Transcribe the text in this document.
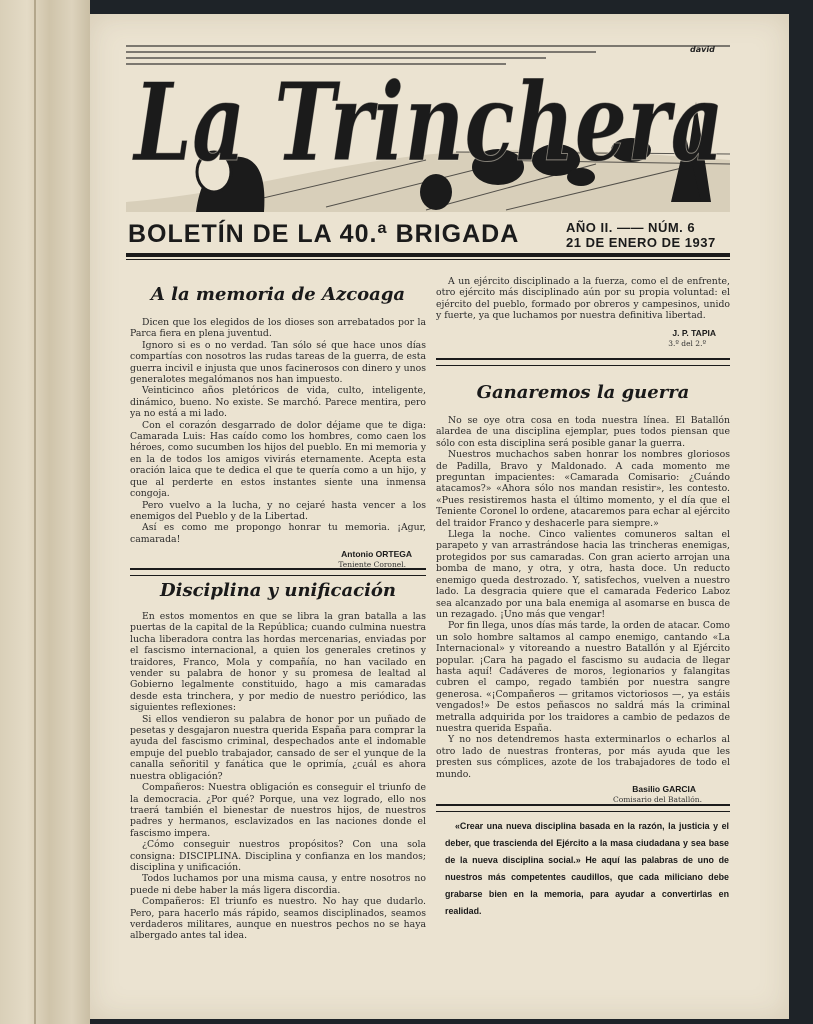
La Trinchera
La Trinchera
david
BOLETÍN DE LA 40.ª BRIGADA	AÑO II. —— NÚM. 6
21 DE ENERO DE 1937
A la memoria de Azcoaga

Dicen que los elegidos de los dioses son arrebatados por la Parca fiera en plena juventud.

Ignoro si es o no verdad. Tan sólo sé que hace unos días compartías con nosotros las rudas tareas de la guerra, de esta guerra incivil e injusta que unos facinerosos con dinero y unos generalotes megalómanos nos han impuesto.

Veinticinco años pletóricos de vida, culto, inteligente, dinámico, bueno. No existe. Se marchó. Parece mentira, pero ya no está a mi lado.

Con el corazón desgarrado de dolor déjame que te diga: Camarada Luis: Has caído como los hombres, como caen los héroes, como sucumben los hijos del pueblo. En mi memoria y en la de todos los amigos vivirás eternamente. Acepta esta oración laica que te dedica el que te quería como a un hijo, y que al perderte en estos instantes siente una inmensa congoja.

Pero vuelvo a la lucha, y no cejaré hasta vencer a los enemigos del Pueblo y de la Libertad.

Así es como me propongo honrar tu memoria. ¡Agur, camarada!

Antonio ORTEGA
Teniente Coronel.
Disciplina y unificación

En estos momentos en que se libra la gran batalla a las puertas de la capital de la República; cuando culmina nuestra lucha liberadora contra las hordas mercenarias, enviadas por el fascismo internacional, a quien los generales cretinos y traidores, Franco, Mola y compañía, no han vacilado en vender su palabra de honor y su promesa de lealtad al Gobierno legalmente constituido, hago a mis camaradas desde esta trinchera, y por medio de nuestro periódico, las siguientes reflexiones:

Si ellos vendieron su palabra de honor por un puñado de pesetas y desgajaron nuestra querida España para comprar la ayuda del fascismo criminal, despechados ante el indomable empuje del pueblo trabajador, cansado de ser el yunque de la canalla señoritil y fanática que le oprimía, ¿cuál es ahora nuestra obligación?

Compañeros: Nuestra obligación es conseguir el triunfo de la democracia. ¿Por qué? Porque, una vez logrado, ello nos traerá también el bienestar de nuestros hijos, de nuestros padres y hermanos, esclavizados en las naciones donde el fascismo impera.

¿Cómo conseguir nuestros propósitos? Con una sola consigna: DISCIPLINA. Disciplina y confianza en los mandos; disciplina y unificación.

Todos luchamos por una misma causa, y entre nosotros no puede ni debe haber la más ligera discordia.

Compañeros: El triunfo es nuestro. No hay que dudarlo. Pero, para hacerlo más rápido, seamos disciplinados, seamos verdaderos militares, aunque en nuestros pechos no se haya albergado antes tal idea.

A un ejército disciplinado a la fuerza, como el de enfrente, otro ejército más disciplinado aún por su propia voluntad: el ejército del pueblo, formado por obreros y campesinos, unido y fuerte, ya que luchamos por nuestra definitiva libertad.

J. P. TAPIA
3.º del 2.º
Ganaremos la guerra

No se oye otra cosa en toda nuestra línea. El Batallón alardea de una disciplina ejemplar, pues todos piensan que sólo con esta disciplina será posible ganar la guerra.

Nuestros muchachos saben honrar los nombres gloriosos de Padilla, Bravo y Maldonado. A cada momento me preguntan impacientes: «Camarada Comisario: ¿Cuándo atacamos?» «Ahora sólo nos mandan resistir», les contesto. «Pues resistiremos hasta el último momento, y el día que el Teniente Coronel lo ordene, atacaremos para echar al ejército del traidor Franco y deshacerle para siempre.»

Llega la noche. Cinco valientes comuneros saltan el parapeto y van arrastrándose hacia las trincheras enemigas, protegidos por sus camaradas. Con gran acierto arrojan una bomba de mano, y otra, y otra, hasta doce. Un reducto enemigo queda destrozado. Y, satisfechos, vuelven a nuestro lado. La desgracia quiere que el camarada Federico Laboz sea alcanzado por una bala enemiga al asomarse en busca de un rezagado. ¡Uno más que vengar!

Por fin llega, unos días más tarde, la orden de atacar. Como un solo hombre saltamos al campo enemigo, cantando «La Internacional» y vitoreando a nuestro Batallón y al Ejército popular. ¡Cara ha pagado el fascismo su audacia de llegar hasta aquí! Cadáveres de moros, legionarios y falangitas cubren el campo, regado también por nuestra sangre generosa. «¡Compañeros — gritamos victoriosos —, ya estáis vengados!» De estos peñascos no saldrá más la criminal metralla adquirida por los traidores a cambio de pedazos de nuestra querida España.

Y no nos detendremos hasta exterminarlos o echarlos al otro lado de nuestras fronteras, por más ayuda que les presten sus cómplices, azote de los trabajadores de todo el mundo.

Basilio GARCIA
Comisario del Batallón.

«Crear una nueva disciplina basada en la razón, la justicia y el deber, que trascienda del Ejército a la masa ciudadana y sea base de la nueva disciplina social.» He aquí las palabras de uno de nuestros más competentes caudillos, que cada miliciano debe grabarse bien en la memoria, para ayudar a convertirlas en realidad.
